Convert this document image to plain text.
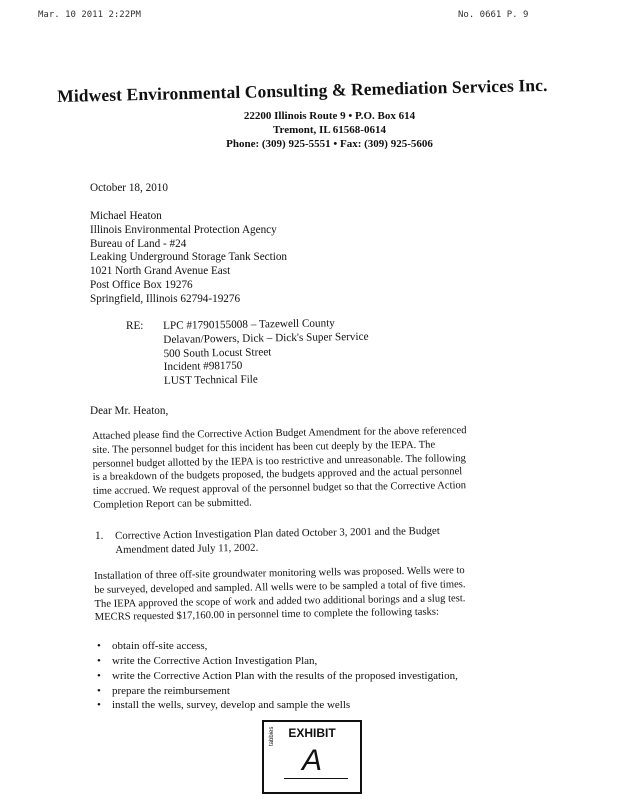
Mar. 10 2011 2:22PM	No. 0661 P. 9
Midwest Environmental Consulting & Remediation Services Inc.
22200 Illinois Route 9 • P.O. Box 614
Tremont, IL 61568-0614
Phone: (309) 925-5551 • Fax: (309) 925-5606
October 18, 2010
Michael Heaton
Illinois Environmental Protection Agency
Bureau of Land - #24
Leaking Underground Storage Tank Section
1021 North Grand Avenue East
Post Office Box 19276
Springfield, Illinois 62794-19276
RE: LPC #1790155008 – Tazewell County
Delavan/Powers, Dick – Dick's Super Service
500 South Locust Street
Incident #981750
LUST Technical File
Dear Mr. Heaton,
Attached please find the Corrective Action Budget Amendment for the above referenced
site. The personnel budget for this incident has been cut deeply by the IEPA. The
personnel budget allotted by the IEPA is too restrictive and unreasonable. The following
is a breakdown of the budgets proposed, the budgets approved and the actual personnel
time accrued. We request approval of the personnel budget so that the Corrective Action
Completion Report can be submitted.
1. Corrective Action Investigation Plan dated October 3, 2001 and the Budget
Amendment dated July 11, 2002.
Installation of three off-site groundwater monitoring wells was proposed. Wells were to
be surveyed, developed and sampled. All wells were to be sampled a total of five times.
The IEPA approved the scope of work and added two additional borings and a slug test.
MECRS requested $17,160.00 in personnel time to complete the following tasks:
• obtain off-site access,
• write the Corrective Action Investigation Plan,
• write the Corrective Action Plan with the results of the proposed investigation,
• prepare the reimbursement
• install the wells, survey, develop and sample the wells
EXHIBIT
tabbies
A
